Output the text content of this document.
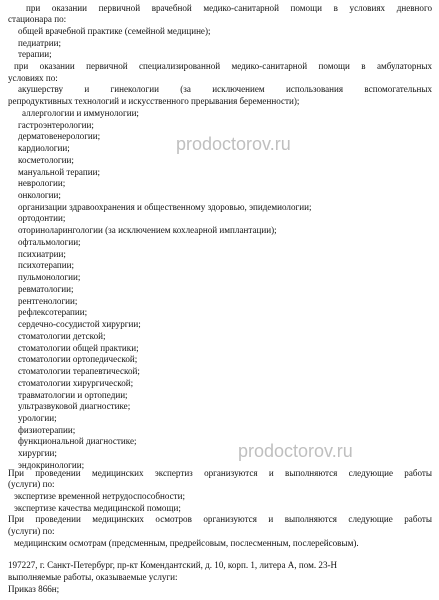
при оказании первичной врачебной медико-санитарной помощи в условиях дневного
стационара по:
общей врачебной практике (семейной медицине);
педиатрии;
терапии;
при оказании первичной специализированной медико-санитарной помощи в амбулаторных
условиях по:
акушерству и гинекологии (за исключением использования вспомогательных
репродуктивных технологий и искусственного прерывания беременности);
аллергологии и иммунологии;
гастроэнтерологии;
дерматовенерологии;
кардиологии;
косметологии;
мануальной терапии;
неврологии;
онкологии;
организации здравоохранения и общественному здоровью, эпидемиологии;
ортодонтии;
оториноларингологии (за исключением кохлеарной имплантации);
офтальмологии;
психиатрии;
психотерапии;
пульмонологии;
ревматологии;
рентгенологии;
рефлексотерапии;
сердечно-сосудистой хирургии;
стоматологии детской;
стоматологии общей практики;
стоматологии ортопедической;
стоматологии терапевтической;
стоматологии хирургической;
травматологии и ортопедии;
ультразвуковой диагностике;
урологии;
физиотерапии;
функциональной диагностике;
хирургии;
эндокринологии;
При проведении медицинских экспертиз организуются и выполняются следующие работы
(услуги) по:
экспертизе временной нетрудоспособности;
экспертизе качества медицинской помощи;
При проведении медицинских осмотров организуются и выполняются следующие работы
(услуги) по:
медицинским осмотрам (предсменным, предрейсовым, послесменным, послерейсовым).
197227, г. Санкт-Петербург, пр-кт Комендантский, д. 10, корп. 1, литера А, пом. 23-Н
выполняемые работы, оказываемые услуги:
Приказ 866н;
prodoctorov.ru
prodoctorov.ru
